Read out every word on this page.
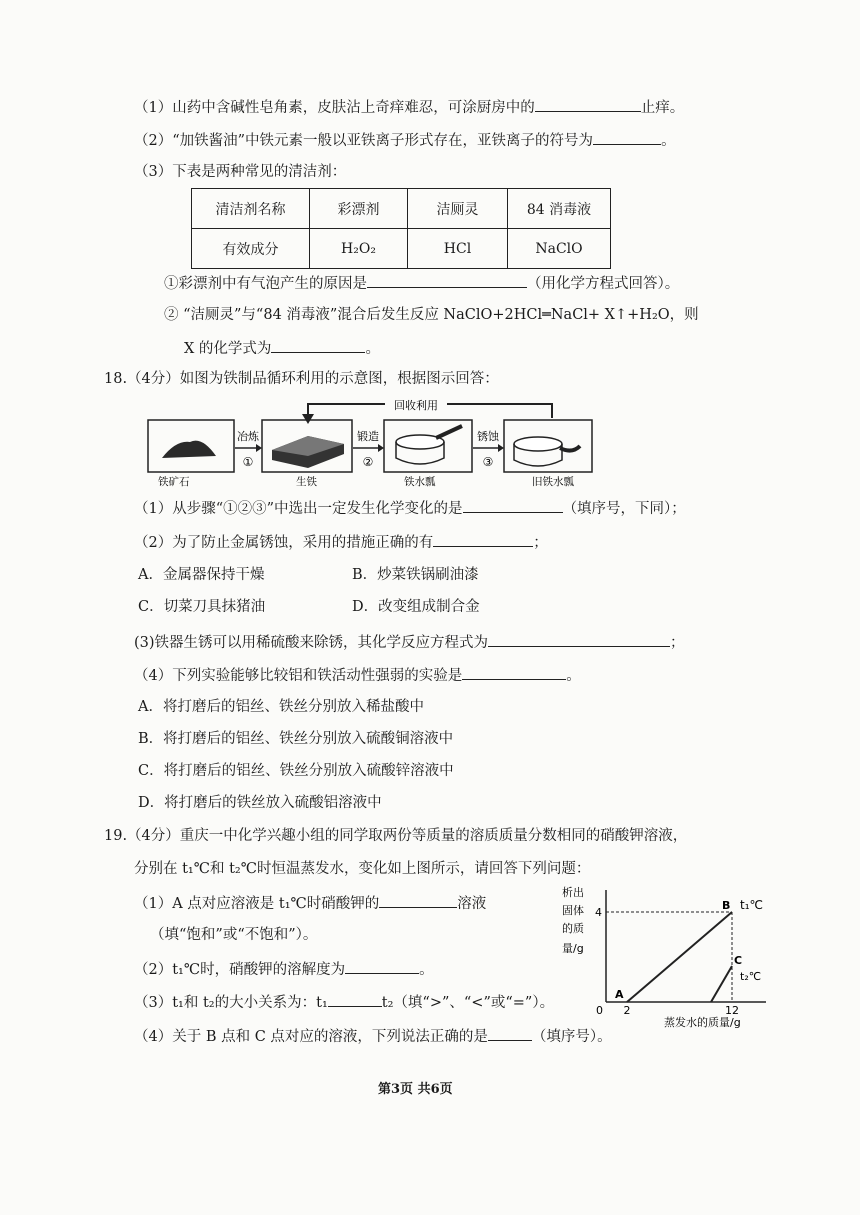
（1）山药中含碱性皂角素，皮肤沾上奇痒难忍，可涂厨房中的	止痒。
（2）“加铁酱油”中铁元素一般以亚铁离子形式存在，亚铁离子的符号为	。
（3）下表是两种常见的清洁剂：
清洁剂名称	彩漂剂	洁厕灵	84 消毒液
有效成分	H₂O₂	HCl	NaClO
①彩漂剂中有气泡产生的原因是	（用化学方程式回答）。
② “洁厕灵”与“84 消毒液”混合后发生反应 NaClO+2HCl═NaCl+ X↑+H₂O，则
X 的化学式为	。
18.（4分）如图为铁制品循环利用的示意图，根据图示回答：
回收利用
冶炼	锻造	锈蚀
①	②	③
铁矿石	生铁	铁水瓢	旧铁水瓢
（1）从步骤“①②③”中选出一定发生化学变化的是	（填序号，下同）；
（2）为了防止金属锈蚀，采用的措施正确的有	；
A．金属器保持干燥	B．炒菜铁锅刷油漆
C．切菜刀具抹猪油	D．改变组成制合金
(3)铁器生锈可以用稀硫酸来除锈，其化学反应方程式为	；
（4）下列实验能够比较铝和铁活动性强弱的实验是	。
A．将打磨后的铝丝、铁丝分别放入稀盐酸中
B．将打磨后的铝丝、铁丝分别放入硫酸铜溶液中
C．将打磨后的铝丝、铁丝分别放入硫酸锌溶液中
D．将打磨后的铁丝放入硫酸铝溶液中
19.（4分）重庆一中化学兴趣小组的同学取两份等质量的溶质质量分数相同的硝酸钾溶液，
分别在 t₁℃和 t₂℃时恒温蒸发水，变化如上图所示，请回答下列问题：
（1）A 点对应溶液是 t₁℃时硝酸钾的	溶液
（填“饱和”或“不饱和”）。
（2）t₁℃时，硝酸钾的溶解度为	。
（3）t₁和 t₂的大小关系为：t₁	t₂（填“>”、“<”或“=”）。
（4）关于 B 点和 C 点对应的溶液，下列说法正确的是	（填序号）。
析出
固体
的质
量/g
0 2	12
4
A
B
C
t₁℃
t₂℃
蒸发水的质量/g
第3页 共6页
